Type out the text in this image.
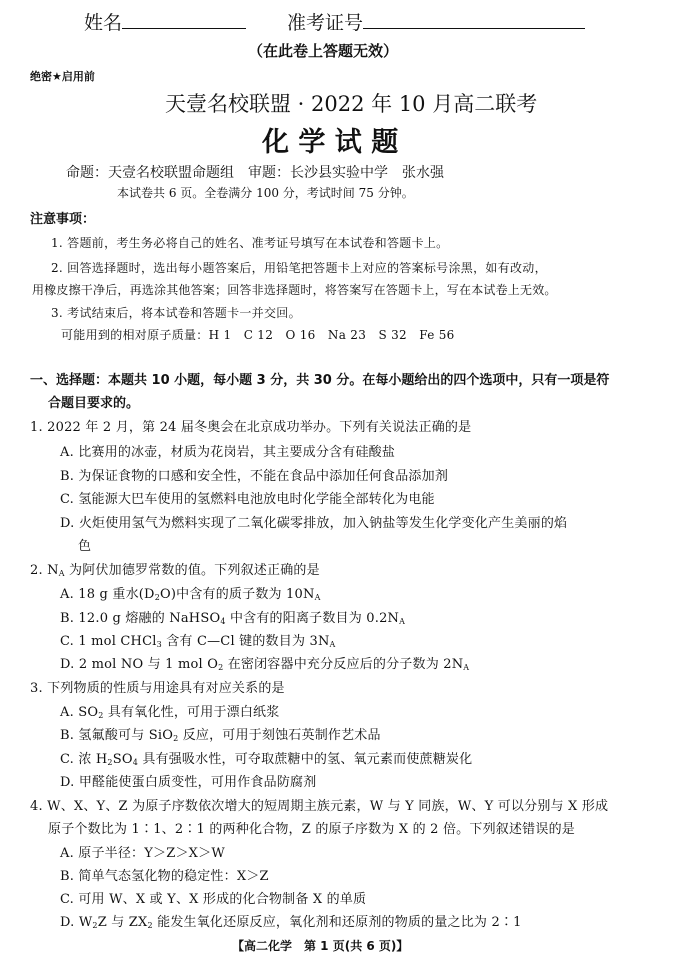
姓名	准考证号
（在此卷上答题无效）
绝密★启用前
天壹名校联盟 · 2022 年 10 月高二联考
化 学 试 题
命题：天壹名校联盟命题组　审题：长沙县实验中学　张水强
本试卷共 6 页。全卷满分 100 分，考试时间 75 分钟。
注意事项：
1. 答题前，考生务必将自己的姓名、准考证号填写在本试卷和答题卡上。
2. 回答选择题时，选出每小题答案后，用铅笔把答题卡上对应的答案标号涂黑，如有改动，
用橡皮擦干净后，再选涂其他答案；回答非选择题时，将答案写在答题卡上，写在本试卷上无效。
3. 考试结束后，将本试卷和答题卡一并交回。
可能用到的相对原子质量：H 1　C 12　O 16　Na 23　S 32　Fe 56
一、选择题：本题共 10 小题，每小题 3 分，共 30 分。在每小题给出的四个选项中，只有一项是符
合题目要求的。
1. 2022 年 2 月，第 24 届冬奥会在北京成功举办。下列有关说法正确的是
A. 比赛用的冰壶，材质为花岗岩，其主要成分含有硅酸盐
B. 为保证食物的口感和安全性，不能在食品中添加任何食品添加剂
C. 氢能源大巴车使用的氢燃料电池放电时化学能全部转化为电能
D. 火炬使用氢气为燃料实现了二氧化碳零排放，加入钠盐等发生化学变化产生美丽的焰
色
2. $N_A$ 为阿伏加德罗常数的值。下列叙述正确的是
A. 18 g 重水$(D_2O)$中含有的质子数为 $10N_A$
B. 12.0 g 熔融的 NaHSO$_4$ 中含有的阳离子数目为 $0.2N_A$
C. 1 mol CHCl$_3$ 含有 C—Cl 键的数目为 $3N_A$
D. 2 mol NO 与 1 mol $O_2$ 在密闭容器中充分反应后的分子数为 $2N_A$
3. 下列物质的性质与用途具有对应关系的是
A. $SO_2$ 具有氧化性，可用于漂白纸浆
B. 氢氟酸可与 SiO$_2$ 反应，可用于刻蚀石英制作艺术品
C. 浓 $H_2SO_4$ 具有强吸水性，可夺取蔗糖中的氢、氧元素而使蔗糖炭化
D. 甲醛能使蛋白质变性，可用作食品防腐剂
4. W、X、Y、Z 为原子序数依次增大的短周期主族元素，W 与 Y 同族，W、Y 可以分别与 X 形成
原子个数比为 1∶1、2∶1 的两种化合物，Z 的原子序数为 X 的 2 倍。下列叙述错误的是
A. 原子半径：Y＞Z＞X＞W
B. 简单气态氢化物的稳定性：X＞Z
C. 可用 W、X 或 Y、X 形成的化合物制备 X 的单质
D. $W_2Z$ 与 $ZX_2$ 能发生氧化还原反应，氧化剂和还原剂的物质的量之比为 2∶1
【高二化学　第 1 页(共 6 页)】
